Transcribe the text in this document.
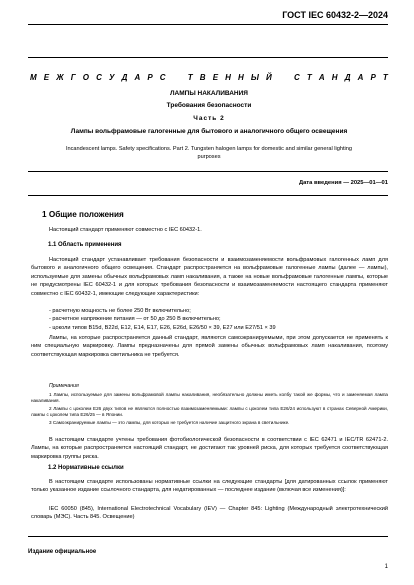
ГОСТ IEC 60432-2—2024
М Е Ж Г О С У Д А Р С	Т В Е Н Н Ы Й	С Т А Н Д А Р Т
ЛАМПЫ НАКАЛИВАНИЯ
Требования безопасности
Часть 2
Лампы вольфрамовые галогенные для бытового и аналогичного общего освещения
Incandescent lamps. Safety specifications. Part 2. Tungsten halogen lamps for domestic and similar general lighting
purposes
Дата введения — 2025—01—01
1 Общие положения
Настоящий стандарт применяют совместно с IEC 60432-1.
1.1 Область применения
Настоящий стандарт устанавливает требования безопасности и взаимозаменяемости вольфрамовых галогенных ламп для бытового и аналогичного общего освещения. Стандарт распространяется на вольфрамовые галогенные лампы (далее — лампы), используемые для замены обычных вольфрамовых ламп накаливания, а также на новые вольфрамовые галогенные лампы, которые не предусмотрены IEC 60432-1 и для которых требования безопасности и взаимозаменяемости настоящего стандарта применяют совместно с IEC 60432-1, имеющие следующие характеристики:
- расчетную мощность не более 250 Вт включительно;
- расчетное напряжение питания — от 50 до 250 В включительно;
- цоколи типов B15d, B22d, E12, E14, E17, E26, E26d, E26/50 × 39, E27 или E27/51 × 39
Лампы, на которые распространяется данный стандарт, являются самоэкранируемыми, при этом допускается не применять к ним специальную маркировку. Лампы предназначены для прямой замены обычных вольфрамовых ламп накаливания, поэтому соответствующая маркировка светильника не требуется.
Примечания
1 Лампы, используемые для замены вольфрамовой лампы накаливания, необязательно должны иметь колбу такой же формы, что и заменяемая лампа накаливания.
2 Лампы с цоколем E26 двух типов не являются полностью взаимозаменяемыми: лампы с цоколем типа E26/24 используют в странах Северной Америки, лампы с цоколем типа E26/25 — в Японии.
3 Самоэкранируемые лампы — это лампы, для которых не требуется наличие защитного экрана в светильнике.
В настоящем стандарте учтены требования фотобиологической безопасности в соответствии с IEC 62471 и IEC/TR 62471-2. Лампы, на которые распространяется настоящий стандарт, не достигают так уровней риска, для которых требуется соответствующая маркировка группы риска.
1.2 Нормативные ссылки
В настоящем стандарте использованы нормативные ссылки на следующие стандарты [для датированных ссылок применяют только указанное издание ссылочного стандарта, для недатированных — последнее издание (включая все изменения)]:
IEC 60050 (845), International Electrotechnical Vocabulary (IEV) — Chapter 845: Lighting (Международный электротехнический словарь (МЭС). Часть 845. Освещение)
Издание официальное
1
